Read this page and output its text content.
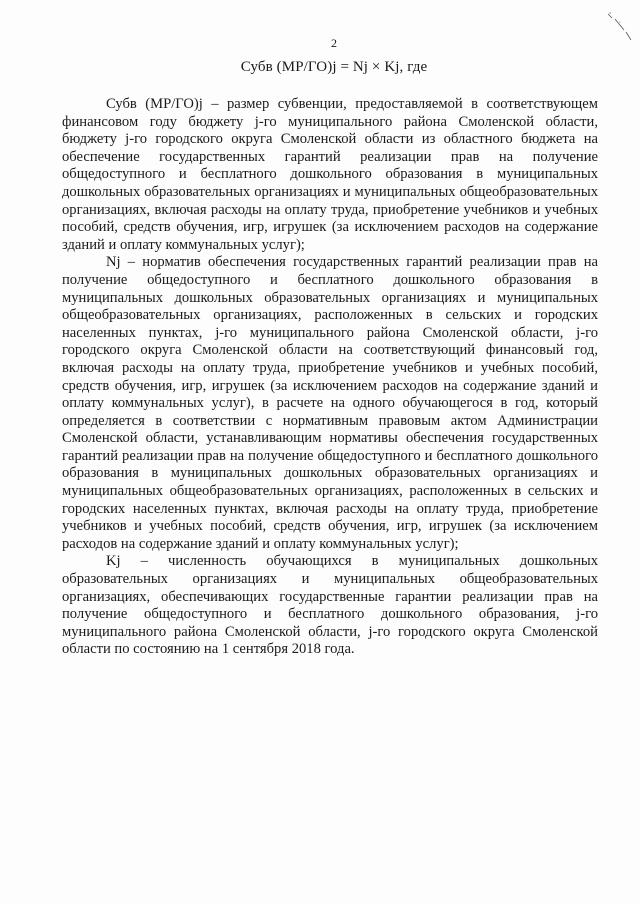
2
Субв (МР/ГО)j = Nj × Kj, где

Субв (МР/ГО)j – размер субвенции, предоставляемой в соответствующем финансовом году бюджету j-го муниципального района Смоленской области, бюджету j-го городского округа Смоленской области из областного бюджета на обеспечение государственных гарантий реализации прав на получение общедоступного и бесплатного дошкольного образования в муниципальных дошкольных образовательных организациях и муниципальных общеобразовательных организациях, включая расходы на оплату труда, приобретение учебников и учебных пособий, средств обучения, игр, игрушек (за исключением расходов на содержание зданий и оплату коммунальных услуг);

Nj – норматив обеспечения государственных гарантий реализации прав на получение общедоступного и бесплатного дошкольного образования в муниципальных дошкольных образовательных организациях и муниципальных общеобразовательных организациях, расположенных в сельских и городских населенных пунктах, j-го муниципального района Смоленской области, j-го городского округа Смоленской области на соответствующий финансовый год, включая расходы на оплату труда, приобретение учебников и учебных пособий, средств обучения, игр, игрушек (за исключением расходов на содержание зданий и оплату коммунальных услуг), в расчете на одного обучающегося в год, который определяется в соответствии с нормативным правовым актом Администрации Смоленской области, устанавливающим нормативы обеспечения государственных гарантий реализации прав на получение общедоступного и бесплатного дошкольного образования в муниципальных дошкольных образовательных организациях и муниципальных общеобразовательных организациях, расположенных в сельских и городских населенных пунктах, включая расходы на оплату труда, приобретение учебников и учебных пособий, средств обучения, игр, игрушек (за исключением расходов на содержание зданий и оплату коммунальных услуг);

Kj – численность обучающихся в муниципальных дошкольных образовательных организациях и муниципальных общеобразовательных организациях, обеспечивающих государственные гарантии реализации прав на получение общедоступного и бесплатного дошкольного образования, j-го муниципального района Смоленской области, j-го городского округа Смоленской области по состоянию на 1 сентября 2018 года.
